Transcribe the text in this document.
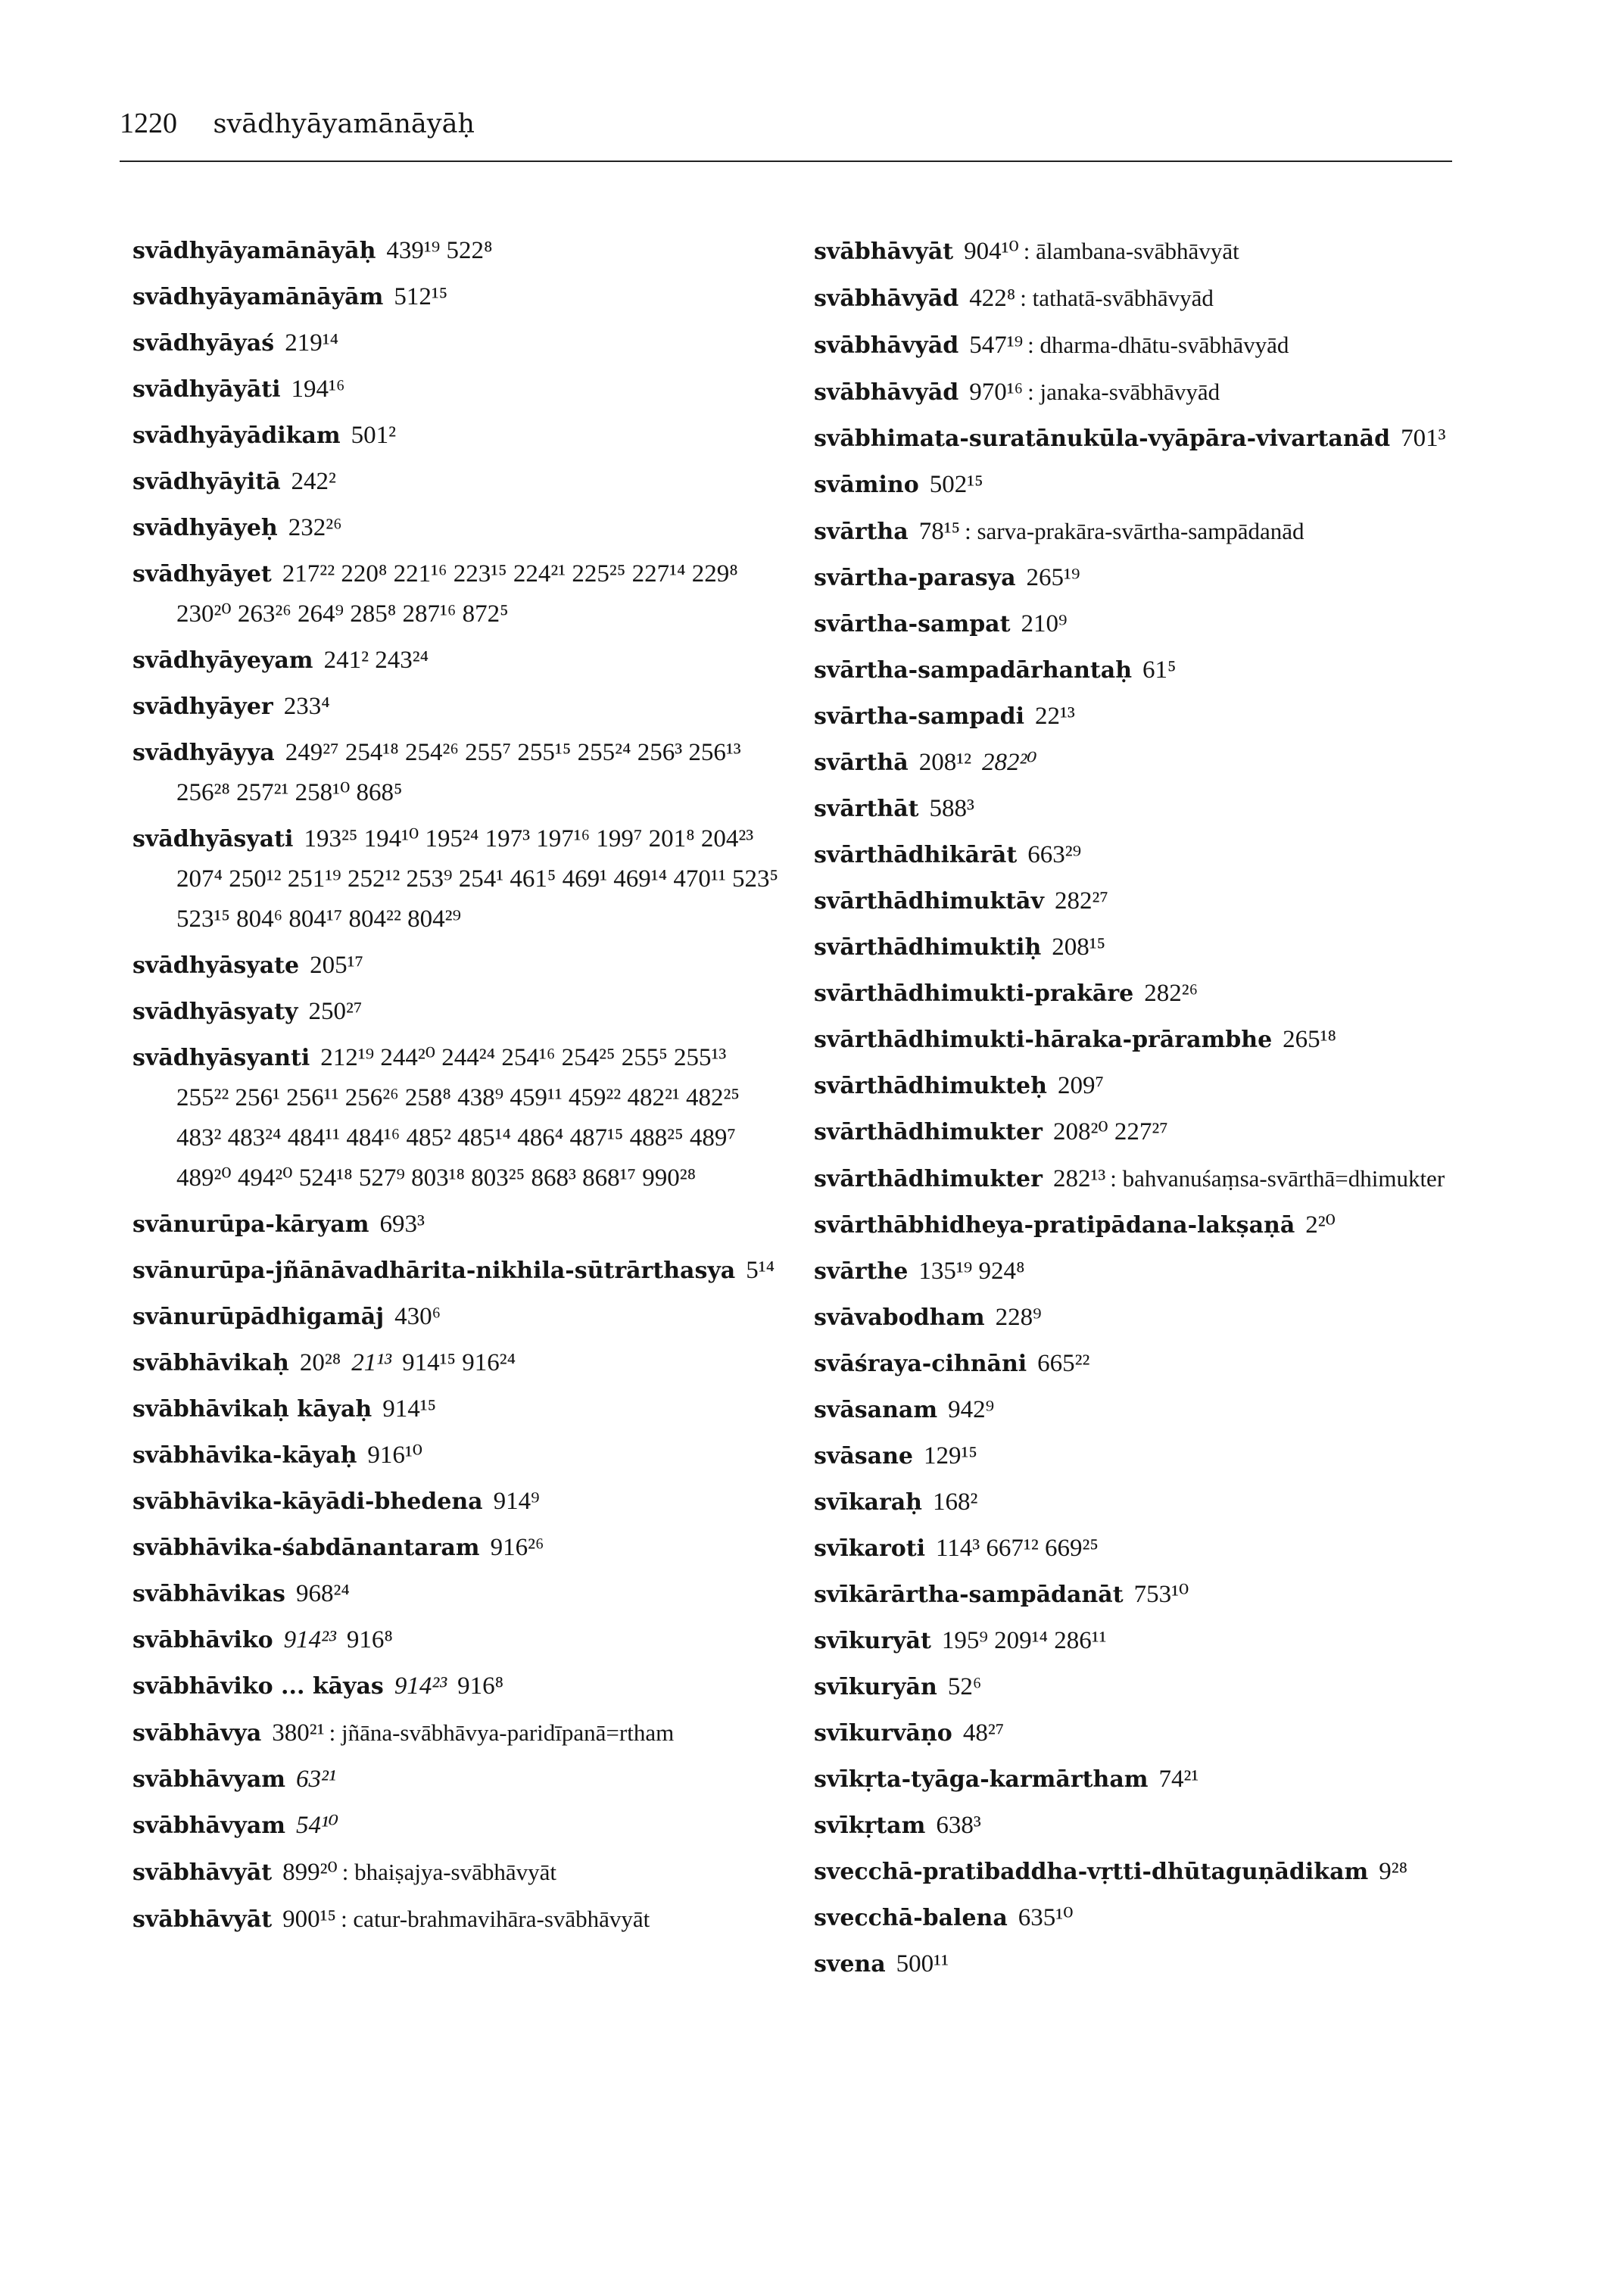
1220 svādhyāyamānāyāḥ
svādhyāyamānāyāḥ 439¹⁹ 522⁸
svādhyāyamānāyām 512¹⁵
svādhyāyaś 219¹⁴
svādhyāyāti 194¹⁶
svādhyāyādikam 501²
svādhyāyitā 242²
svādhyāyeḥ 232²⁶
svādhyāyet 217²² 220⁸ 221¹⁶ 223¹⁵ 224²¹ 225²⁵ 227¹⁴ 229⁸ 230²⁰ 263²⁶ 264⁹ 285⁸ 287¹⁶ 872⁵
svādhyāyeyam 241² 243²⁴
svādhyāyer 233⁴
svādhyāyya 249²⁷ 254¹⁸ 254²⁶ 255⁷ 255¹⁵ 255²⁴ 256³ 256¹³ 256²⁸ 257²¹ 258¹⁰ 868⁵
svādhyāsyati 193²⁵ 194¹⁰ 195²⁴ 197³ 197¹⁶ 199⁷ 201⁸ 204²³ 207⁴ 250¹² 251¹⁹ 252¹² 253⁹ 254¹ 461⁵ 469¹ 469¹⁴ 470¹¹ 523⁵ 523¹⁵ 804⁶ 804¹⁷ 804²² 804²⁹
svādhyāsyate 205¹⁷
svādhyāsyaty 250²⁷
svādhyāsyanti 212¹⁹ 244²⁰ 244²⁴ 254¹⁶ 254²⁵ 255⁵ 255¹³ 255²² 256¹ 256¹¹ 256²⁶ 258⁸ 438⁹ 459¹¹ 459²² 482²¹ 482²⁵ 483² 483²⁴ 484¹¹ 484¹⁶ 485² 485¹⁴ 486⁴ 487¹⁵ 488²⁵ 489⁷ 489²⁰ 494²⁰ 524¹⁸ 527⁹ 803¹⁸ 803²⁵ 868³ 868¹⁷ 990²⁸
svānurūpa-kāryam 693³
svānurūpa-jñānāvadhārita-nikhila-sūtrārthasya 5¹⁴
svānurūpādhigamāj 430⁶
svābhāvikaḥ 20²⁸ 21¹³ 914¹⁵ 916²⁴
svābhāvikaḥ kāyaḥ 914¹⁵
svābhāvika-kāyaḥ 916¹⁰
svābhāvika-kāyādi-bhedena 914⁹
svābhāvika-śabdānantaram 916²⁶
svābhāvikas 968²⁴
svābhāviko 914²³ 916⁸
svābhāviko ... kāyas 914²³ 916⁸
svābhāvya 380²¹ : jñāna-svābhāvya-paridīpanā=rtham
svābhāvyam 63²¹
svābhāvyam 54¹⁰
svābhāvyāt 899²⁰ : bhaiṣajya-svābhāvyāt
svābhāvyāt 900¹⁵ : catur-brahmavihāra-svābhāvyāt
svābhāvyāt 904¹⁰ : ālambana-svābhāvyāt
svābhāvyād 422⁸ : tathatā-svābhāvyād
svābhāvyād 547¹⁹ : dharma-dhātu-svābhāvyād
svābhāvyād 970¹⁶ : janaka-svābhāvyād
svābhimata-suratānukūla-vyāpāra-vivartanād 701³
svāmino 502¹⁵
svārtha 78¹⁵ : sarva-prakāra-svārtha-sampādanād
svārtha-parasya 265¹⁹
svārtha-sampat 210⁹
svārtha-sampadārhantaḥ 61⁵
svārtha-sampadi 22¹³
svārthā 208¹² 282²⁰
svārthāt 588³
svārthādhikārāt 663²⁹
svārthādhimuktāv 282²⁷
svārthādhimuktiḥ 208¹⁵
svārthādhimukti-prakāre 282²⁶
svārthādhimukti-hāraka-prārambhe 265¹⁸
svārthādhimukteḥ 209⁷
svārthādhimukter 208²⁰ 227²⁷
svārthādhimukter 282¹³ : bahvanuśaṃsa-svārthā=dhimukter
svārthābhidheya-pratipādana-lakṣaṇā 2²⁰
svārthe 135¹⁹ 924⁸
svāvabodham 228⁹
svāśraya-cihnāni 665²²
svāsanam 942⁹
svāsane 129¹⁵
svīkaraḥ 168²
svīkaroti 114³ 667¹² 669²⁵
svīkārārtha-sampādanāt 753¹⁰
svīkuryāt 195⁹ 209¹⁴ 286¹¹
svīkuryān 52⁶
svīkurvāṇo 48²⁷
svīkṛta-tyāga-karmārtham 74²¹
svīkṛtam 638³
svecchā-pratibaddha-vṛtti-dhūtaguṇādikam 9²⁸
svecchā-balena 635¹⁰
svena 500¹¹
